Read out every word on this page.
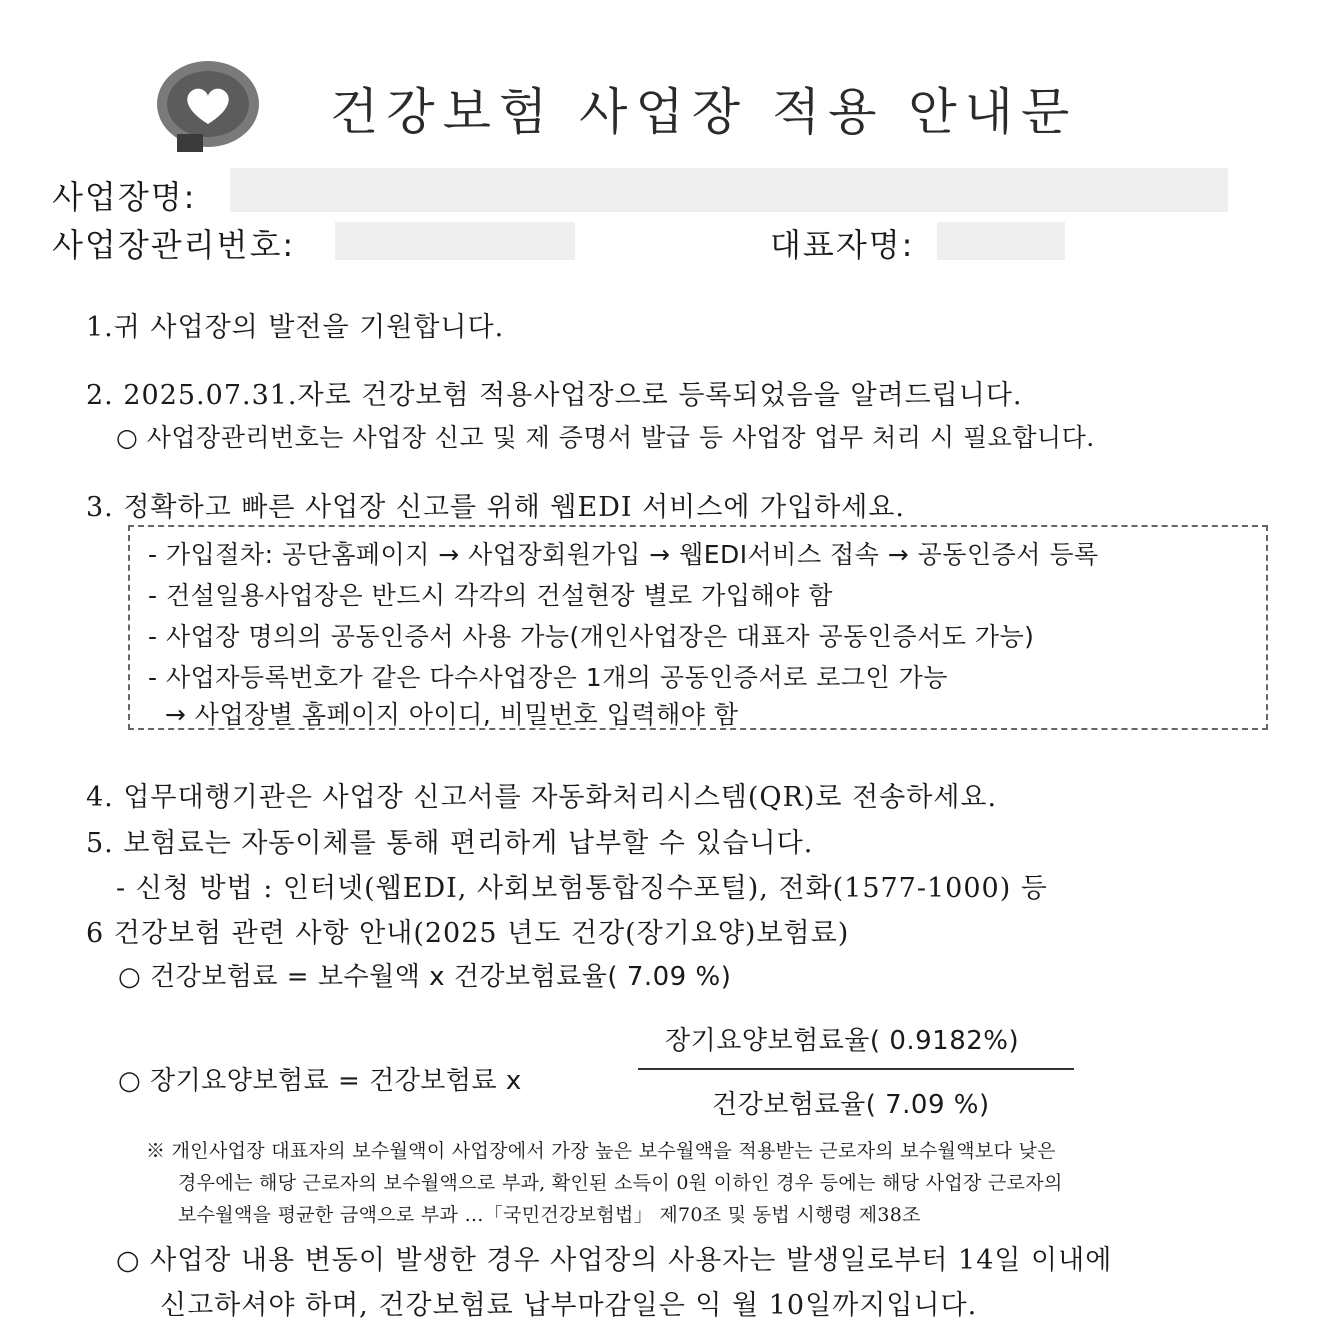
건강보험 사업장 적용 안내문
사업장명:
사업장관리번호:	대표자명:
1.귀 사업장의 발전을 기원합니다.
2. 2025.07.31.자로 건강보험 적용사업장으로 등록되었음을 알려드립니다.
○ 사업장관리번호는 사업장 신고 및 제 증명서 발급 등 사업장 업무 처리 시 필요합니다.
3. 정확하고 빠른 사업장 신고를 위해 웹EDI 서비스에 가입하세요.
- 가입절차: 공단홈페이지 → 사업장회원가입 → 웹EDI서비스 접속 → 공동인증서 등록
- 건설일용사업장은 반드시 각각의 건설현장 별로 가입해야 함
- 사업장 명의의 공동인증서 사용 가능(개인사업장은 대표자 공동인증서도 가능)
- 사업자등록번호가 같은 다수사업장은 1개의 공동인증서로 로그인 가능
→ 사업장별 홈페이지 아이디, 비밀번호 입력해야 함
4. 업무대행기관은 사업장 신고서를 자동화처리시스템(QR)로 전송하세요.
5. 보험료는 자동이체를 통해 편리하게 납부할 수 있습니다.
- 신청 방법 : 인터넷(웹EDI, 사회보험통합징수포털), 전화(1577-1000) 등
6 건강보험 관련 사항 안내(2025 년도 건강(장기요양)보험료)
○ 건강보험료 = 보수월액 x 건강보험료율( 7.09 %)
장기요양보험료율( 0.9182%)
○ 장기요양보험료 = 건강보험료 x
건강보험료율( 7.09 %)
※ 개인사업장 대표자의 보수월액이 사업장에서 가장 높은 보수월액을 적용받는 근로자의 보수월액보다 낮은
경우에는 해당 근로자의 보수월액으로 부과, 확인된 소득이 0원 이하인 경우 등에는 해당 사업장 근로자의
보수월액을 평균한 금액으로 부과 …「국민건강보험법」 제70조 및 동법 시행령 제38조
○ 사업장 내용 변동이 발생한 경우 사업장의 사용자는 발생일로부터 14일 이내에
신고하셔야 하며, 건강보험료 납부마감일은 익 월 10일까지입니다.
